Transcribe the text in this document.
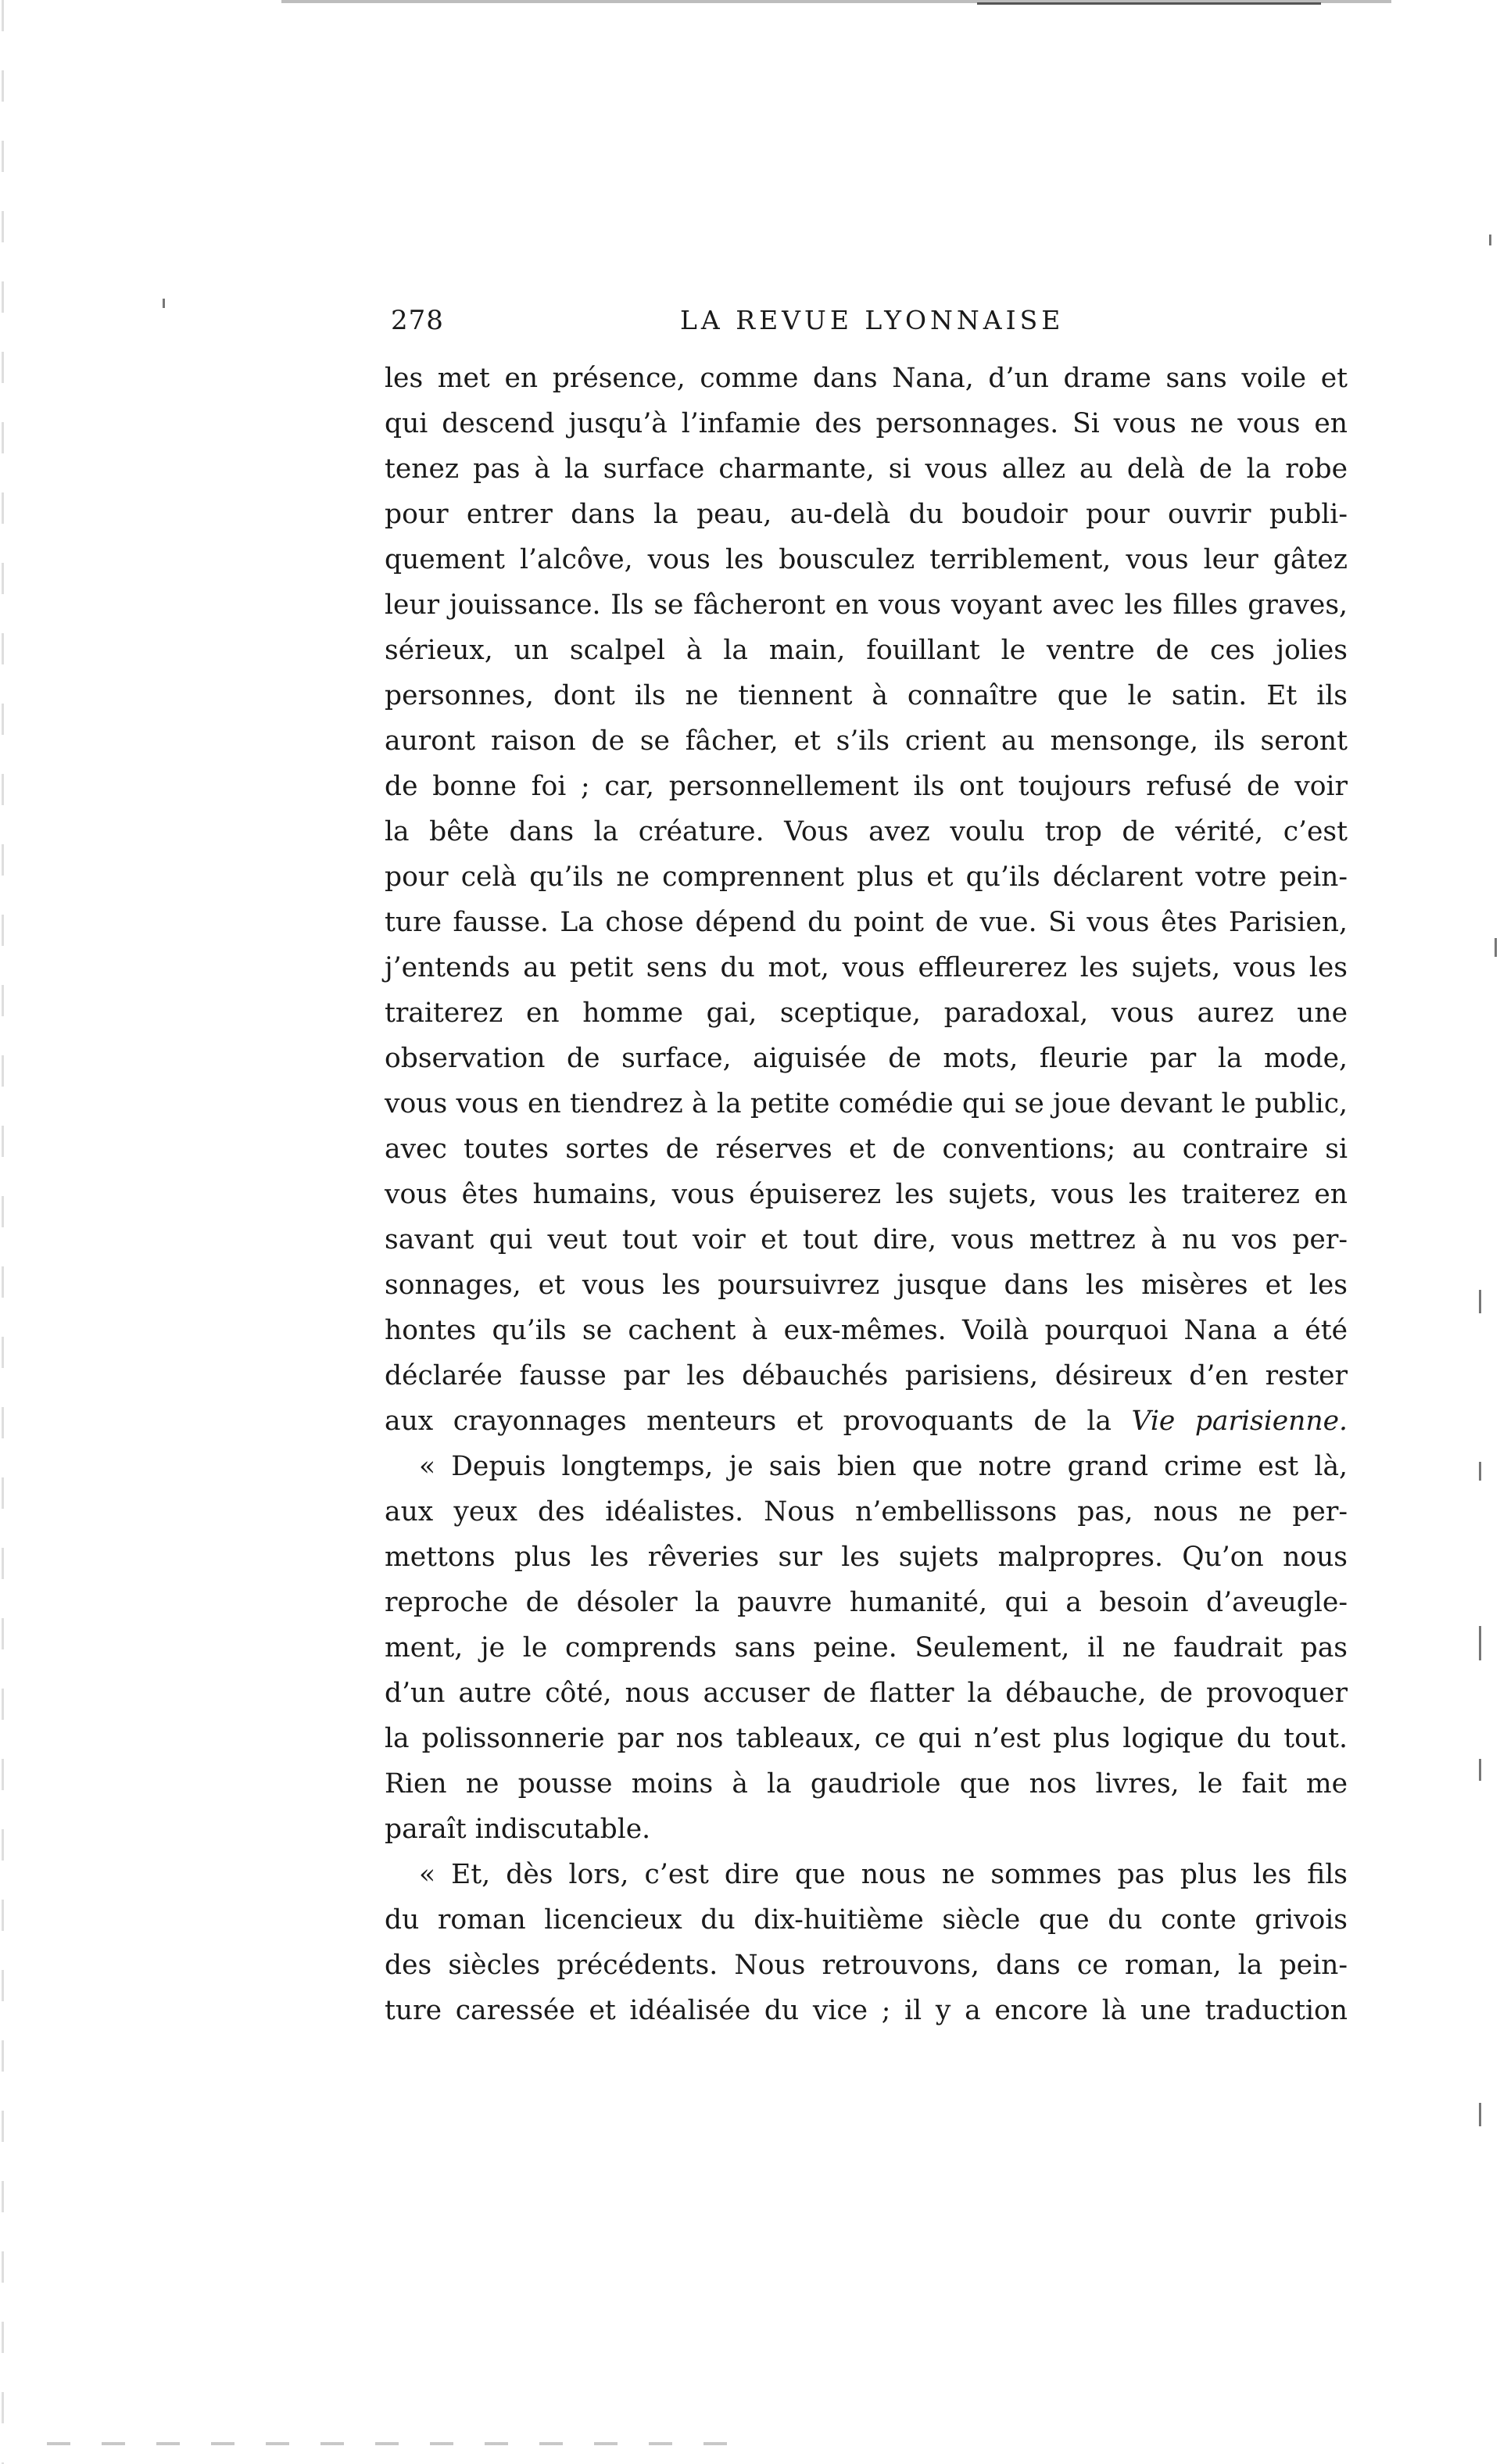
278	LA REVUE LYONNAISE
les met en présence, comme dans Nana, d’un drame sans voile et
qui descend jusqu’à l’infamie des personnages. Si vous ne vous en
tenez pas à la surface charmante, si vous allez au delà de la robe
pour entrer dans la peau, au-delà du boudoir pour ouvrir publi-
quement l’alcôve, vous les bousculez terriblement, vous leur gâtez
leur jouissance. Ils se fâcheront en vous voyant avec les filles graves,
sérieux, un scalpel à la main, fouillant le ventre de ces jolies
personnes, dont ils ne tiennent à connaître que le satin. Et ils
auront raison de se fâcher, et s’ils crient au mensonge, ils seront
de bonne foi ; car, personnellement ils ont toujours refusé de voir
la bête dans la créature. Vous avez voulu trop de vérité, c’est
pour celà qu’ils ne comprennent plus et qu’ils déclarent votre pein-
ture fausse. La chose dépend du point de vue. Si vous êtes Parisien,
j’entends au petit sens du mot, vous effleurerez les sujets, vous les
traiterez en homme gai, sceptique, paradoxal, vous aurez une
observation de surface, aiguisée de mots, fleurie par la mode,
vous vous en tiendrez à la petite comédie qui se joue devant le public,
avec toutes sortes de réserves et de conventions; au contraire si
vous êtes humains, vous épuiserez les sujets, vous les traiterez en
savant qui veut tout voir et tout dire, vous mettrez à nu vos per-
sonnages, et vous les poursuivrez jusque dans les misères et les
hontes qu’ils se cachent à eux-mêmes. Voilà pourquoi Nana a été
déclarée fausse par les débauchés parisiens, désireux d’en rester
aux crayonnages menteurs et provoquants de la Vie parisienne.
« Depuis longtemps, je sais bien que notre grand crime est là,
aux yeux des idéalistes. Nous n’embellissons pas, nous ne per-
mettons plus les rêveries sur les sujets malpropres. Qu’on nous
reproche de désoler la pauvre humanité, qui a besoin d’aveugle-
ment, je le comprends sans peine. Seulement, il ne faudrait pas
d’un autre côté, nous accuser de flatter la débauche, de provoquer
la polissonnerie par nos tableaux, ce qui n’est plus logique du tout.
Rien ne pousse moins à la gaudriole que nos livres, le fait me
paraît indiscutable.
« Et, dès lors, c’est dire que nous ne sommes pas plus les fils
du roman licencieux du dix-huitième siècle que du conte grivois
des siècles précédents. Nous retrouvons, dans ce roman, la pein-
ture caressée et idéalisée du vice ; il y a encore là une traduction
